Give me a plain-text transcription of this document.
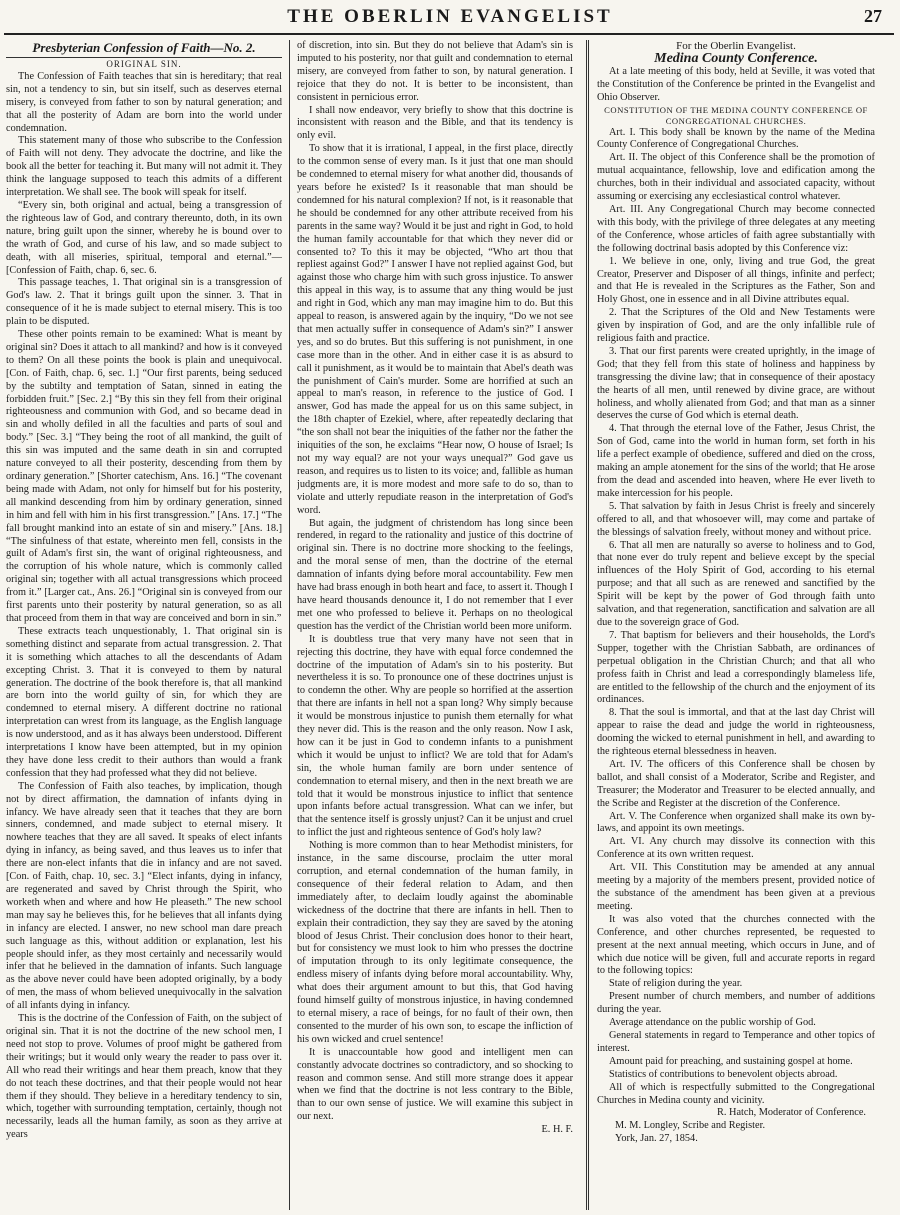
THE OBERLIN EVANGELIST	27

Presbyterian Confession of Faith—No. 2.

ORIGINAL SIN.

The Confession of Faith teaches that sin is hereditary; that real sin, not a tendency to sin, but sin itself, such as deserves eternal misery, is conveyed from father to son by natural generation; and that all the posterity of Adam are born into the world under condemnation.

This statement many of those who subscribe to the Confession of Faith will not deny. They advocate the doctrine, and like the book all the better for teaching it. But many will not admit it. They think the language supposed to teach this admits of a different interpretation. We shall see. The book will speak for itself.

“Every sin, both original and actual, being a transgression of the righteous law of God, and contrary thereunto, doth, in its own nature, bring guilt upon the sinner, whereby he is bound over to the wrath of God, and curse of his law, and so made subject to death, with all miseries, spiritual, temporal and eternal.”—[Confession of Faith, chap. 6, sec. 6.

This passage teaches, 1. That original sin is a transgression of God's law. 2. That it brings guilt upon the sinner. 3. That in consequence of it he is made subject to eternal misery. This is too plain to be disputed.

These other points remain to be examined: What is meant by original sin? Does it attach to all mankind? and how is it conveyed to them? On all these points the book is plain and unequivocal. [Con. of Faith, chap. 6, sec. 1.] “Our first parents, being seduced by the subtilty and temptation of Satan, sinned in eating the forbidden fruit.” [Sec. 2.] “By this sin they fell from their original righteousness and communion with God, and so became dead in sin and wholly defiled in all the faculties and parts of soul and body.” [Sec. 3.] “They being the root of all mankind, the guilt of this sin was imputed and the same death in sin and corrupted nature conveyed to all their posterity, descending from them by ordinary generation.” [Shorter catechism, Ans. 16.] “The covenant being made with Adam, not only for himself but for his posterity, all mankind descending from him by ordinary generation, sinned in him and fell with him in his first transgression.” [Ans. 17.] “The fall brought mankind into an estate of sin and misery.” [Ans. 18.] “The sinfulness of that estate, whereinto men fell, consists in the guilt of Adam's first sin, the want of original righteousness, and the corruption of his whole nature, which is commonly called original sin; together with all actual transgressions which proceed from it.” [Larger cat., Ans. 26.] “Original sin is conveyed from our first parents unto their posterity by natural generation, so as all that proceed from them in that way are conceived and born in sin.”

These extracts teach unquestionably, 1. That original sin is something distinct and separate from actual transgression. 2. That it is something which attaches to all the descendants of Adam excepting Christ. 3. That it is conveyed to them by natural generation. The doctrine of the book therefore is, that all mankind are born into the world guilty of sin, for which they are condemned to eternal misery. A different doctrine no rational interpretation can wrest from its language, as the English language is now understood, and as it has always been understood. Different interpretations I know have been attempted, but in my opinion they have done less credit to their authors than would a frank confession that they had professed what they did not believe.

The Confession of Faith also teaches, by implication, though not by direct affirmation, the damnation of infants dying in infancy. We have already seen that it teaches that they are born sinners, condemned, and made subject to eternal misery. It nowhere teaches that they are all saved. It speaks of elect infants dying in infancy, as being saved, and thus leaves us to infer that there are non-elect infants that die in infancy and are not saved. [Con. of Faith, chap. 10, sec. 3.] “Elect infants, dying in infancy, are regenerated and saved by Christ through the Spirit, who worketh when and where and how He pleaseth.” The new school man may say he believes this, for he believes that all infants dying in infancy are elected. I answer, no new school man dare preach such language as this, without addition or explanation, lest his people should infer, as they most certainly and necessarily would infer that he believed in the damnation of infants. Such language as the above never could have been adopted originally, by a body of men, the mass of whom believed unequivocally in the salvation of all infants dying in infancy.

This is the doctrine of the Confession of Faith, on the subject of original sin. That it is not the doctrine of the new school men, I need not stop to prove. Volumes of proof might be gathered from their writings; but it would only weary the reader to pass over it. All who read their writings and hear them preach, know that they do not teach these doctrines, and that their people would not hear them if they should. They believe in a hereditary tendency to sin, which, together with surrounding temptation, certainly, though not necessarily, leads all the human family, as soon as they arrive at years

of discretion, into sin. But they do not believe that Adam's sin is imputed to his posterity, nor that guilt and condemnation to eternal misery, are conveyed from father to son, by natural generation. I rejoice that they do not. It is better to be inconsistent, than consistent in pernicious error.

I shall now endeavor, very briefly to show that this doctrine is inconsistent with reason and the Bible, and that its tendency is only evil.

To show that it is irrational, I appeal, in the first place, directly to the common sense of every man. Is it just that one man should be condemned to eternal misery for what another did, thousands of years before he existed? Is it reasonable that man should be condemned for his natural complexion? If not, is it reasonable that he should be condemned for any other attribute received from his parents in the same way? Would it be just and right in God, to hold the human family accountable for that which they never did or consented to? To this it may be objected, “Who art thou that repliest against God?” I answer I have not replied against God, but against those who charge him with such gross injustice. To answer this appeal in this way, is to assume that any thing would be just and right in God, which any man may imagine him to do. But this appeal to reason, is answered again by the inquiry, “Do we not see that men actually suffer in consequence of Adam's sin?” I answer yes, and so do brutes. But this suffering is not punishment, in one case more than in the other. And in either case it is as absurd to call it punishment, as it would be to maintain that Abel's death was the punishment of Cain's murder. Some are horrified at such an appeal to man's reason, in reference to the justice of God. I answer, God has made the appeal for us on this same subject, in the 18th chapter of Ezekiel, where, after repeatedly declaring that “the son shall not bear the iniquities of the father nor the father the iniquities of the son, he exclaims “Hear now, O house of Israel; Is not my way equal? are not your ways unequal?” God gave us reason, and requires us to listen to its voice; and, fallible as human judgments are, it is more modest and more safe to do so, than to violate and utterly repudiate reason in the interpretation of God's word.

But again, the judgment of christendom has long since been rendered, in regard to the rationality and justice of this doctrine of original sin. There is no doctrine more shocking to the feelings, and the moral sense of men, than the doctrine of the eternal damnation of infants dying before moral accountability. Few men have had brass enough in both heart and face, to assert it. Though I have heard thousands denounce it, I do not remember that I ever met one who professed to believe it. Perhaps on no theological question has the verdict of the Christian world been more uniform.

It is doubtless true that very many have not seen that in rejecting this doctrine, they have with equal force condemned the doctrine of the imputation of Adam's sin to his posterity. But nevertheless it is so. To pronounce one of these doctrines unjust is to condemn the other. Why are people so horrified at the assertion that there are infants in hell not a span long? Why simply because it would be monstrous injustice to punish them eternally for what they never did. This is the reason and the only reason. Now I ask, how can it be just in God to condemn infants to a punishment which it would be unjust to inflict? We are told that for Adam's sin, the whole human family are born under sentence of condemnation to eternal misery, and then in the next breath we are told that it would be monstrous injustice to inflict that sentence upon infants before actual transgression. What can we infer, but that the sentence itself is grossly unjust? Can it be unjust and cruel to inflict the just and righteous sentence of God's holy law?

Nothing is more common than to hear Methodist ministers, for instance, in the same discourse, proclaim the utter moral corruption, and eternal condemnation of the human family, in consequence of their federal relation to Adam, and then immediately after, to declaim loudly against the abominable wickedness of the doctrine that there are infants in hell. Then to explain their contradiction, they say they are saved by the atoning blood of Jesus Christ. Their conclusion does honor to their heart, but for consistency we must look to him who presses the doctrine of imputation through to its only legitimate consequence, the endless misery of infants dying before moral accountability. Why, what does their argument amount to but this, that God having found himself guilty of monstrous injustice, in having condemned to eternal misery, a race of beings, for no fault of their own, then consented to the murder of his own son, to escape the infliction of his own wicked and cruel sentence!

It is unaccountable how good and intelligent men can constantly advocate doctrines so contradictory, and so shocking to reason and common sense. And still more strange does it appear when we find that the doctrine is not less contrary to the Bible, than to our own sense of justice. We will examine this subject in our next.

E. H. F.

For the Oberlin Evangelist.

Medina County Conference.

At a late meeting of this body, held at Seville, it was voted that the Constitution of the Conference be printed in the Evangelist and Ohio Observer.

CONSTITUTION OF THE MEDINA COUNTY CONFERENCE OF CONGREGATIONAL CHURCHES.

Art. I. This body shall be known by the name of the Medina County Conference of Congregational Churches.

Art. II. The object of this Conference shall be the promotion of mutual acquaintance, fellowship, love and edification among the churches, both in their individual and associated capacity, without assuming or exercising any ecclesiastical control whatever.

Art. III. Any Congregational Church may become connected with this body, with the privilege of three delegates at any meeting of the Conference, whose articles of faith agree substantially with the following doctrinal basis adopted by this Conference viz:

1. We believe in one, only, living and true God, the great Creator, Preserver and Disposer of all things, infinite and perfect; and that He is revealed in the Scriptures as the Father, Son and Holy Ghost, one in essence and in all Divine attributes equal.

2. That the Scriptures of the Old and New Testaments were given by inspiration of God, and are the only infallible rule of religious faith and practice.

3. That our first parents were created uprightly, in the image of God; that they fell from this state of holiness and happiness by transgressing the divine law; that in consequence of their apostacy the hearts of all men, until renewed by divine grace, are without holiness, and wholly alienated from God; and that man as a sinner deserves the curse of God which is eternal death.

4. That through the eternal love of the Father, Jesus Christ, the Son of God, came into the world in human form, set forth in his life a perfect example of obedience, suffered and died on the cross, making an ample atonement for the sins of the world; that He arose from the dead and ascended into heaven, where He ever liveth to make intercession for his people.

5. That salvation by faith in Jesus Christ is freely and sincerely offered to all, and that whosoever will, may come and partake of the blessings of salvation freely, without money and without price.

6. That all men are naturally so averse to holiness and to God, that none ever do truly repent and believe except by the special influences of the Holy Spirit of God, according to his eternal purpose; and that all such as are renewed and sanctified by the Spirit will be kept by the power of God through faith unto salvation, and that regeneration, sanctification and salvation are all due to the sovereign grace of God.

7. That baptism for believers and their households, the Lord's Supper, together with the Christian Sabbath, are ordinances of perpetual obligation in the Christian Church; and that all who profess faith in Christ and lead a correspondingly blameless life, are entitled to the fellowship of the church and the enjoyment of its ordinances.

8. That the soul is immortal, and that at the last day Christ will appear to raise the dead and judge the world in righteousness, dooming the wicked to eternal punishment in hell, and awarding to the righteous eternal blessedness in heaven.

Art. IV. The officers of this Conference shall be chosen by ballot, and shall consist of a Moderator, Scribe and Register, and Treasurer; the Moderator and Treasurer to be elected annually, and the Scribe and Register at the discretion of the Conference.

Art. V. The Conference when organized shall make its own by-laws, and appoint its own meetings.

Art. VI. Any church may dissolve its connection with this Conference at its own written request.

Art. VII. This Constitution may be amended at any annual meeting by a majority of the members present, provided notice of the substance of the amendment has been given at a previous meeting.

It was also voted that the churches connected with the Conference, and other churches represented, be requested to present at the next annual meeting, which occurs in June, and of which due notice will be given, full and accurate reports in regard to the following topics:

State of religion during the year.

Present number of church members, and number of additions during the year.

Average attendance on the public worship of God.

General statements in regard to Temperance and other topics of interest.

Amount paid for preaching, and sustaining gospel at home.

Statistics of contributions to benevolent objects abroad.

All of which is respectfully submitted to the Congregational Churches in Medina county and vicinity.

R. Hatch, Moderator of Conference.

M. M. Longley, Scribe and Register.

York, Jan. 27, 1854.
